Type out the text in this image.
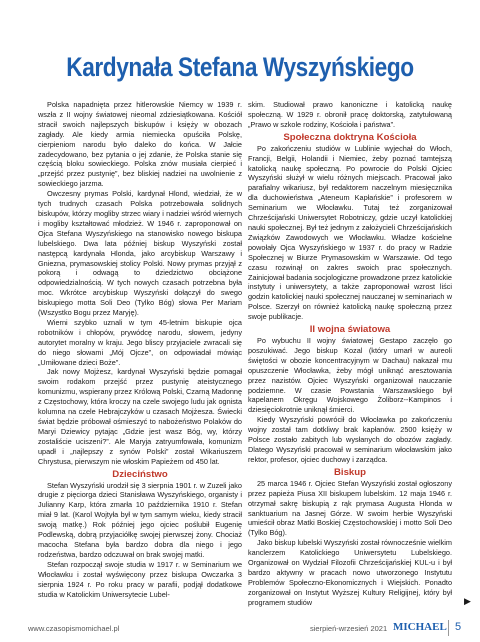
Kardynała Stefana Wyszyńskiego

Polska napadnięta przez hitlerowskie Niemcy w 1939 r. wszła z II wojny światowej nieomal zdziesiątkowana. Kościół stracił swoich najlepszych biskupów i księży w obozach zagłady. Ale kiedy armia niemiecka opuściła Polskę, cierpieniom narodu było daleko do końca. W Jałcie zadecydowano, bez pytania o jej zdanie, że Polska stanie się częścią bloku sowieckiego. Polska znów musiała cierpieć i „przejść przez pustynię”, bez bliskiej nadziei na uwolnienie z sowieckiego jarzma.

Owczesny prymas Polski, kardynał Hlond, wiedział, że w tych trudnych czasach Polska potrzebowała solidnych biskupów, którzy mogliby strzec wiary i nadziei wśród wiernych i mogliby kształtować młodzież. W 1946 r. zaproponował on Ojca Stefana Wyszyńskiego na stanowisko nowego biskupa lubelskiego. Dwa lata później biskup Wyszyński został następcą kardynała Hlonda, jako arcybiskup Warszawy i Gniezna, prymasowskiej stolicy Polski. Nowy prymas przyjął z pokorą i odwagą to dziedzictwo obciążone odpowiedzialnością. W tych nowych czasach potrzebna była moc. Wkrótce arcybiskup Wyszyński dołączył do swego biskupiego motta Soli Deo (Tylko Bóg) słowa Per Mariam (Wszystko Bogu przez Maryję).

Wierni szybko uznali w tym 45-letnim biskupie ojca robotników i chłopów, prywódcę narodu, słowem, jedyny autorytet moralny w kraju. Jego bliscy przyjaciele zwracali się do niego słowami „Mój Ojcze”, on odpowiadał mówiąc „Umiłowane dzieci Boże”.

Jak nowy Mojżesz, kardynał Wyszyński będzie pomagał swoim rodakom przejść przez pustynię ateistycznego komunizmu, wspierany przez Królową Polski, Czarną Madonnę z Częstochowy, która kroczy na czele swojego ludu jak ognista kolumna na czele Hebrajczyków u czasach Mojżesza. Świecki świat będzie próbował ośmieszyć to nabożeństwo Polaków do Maryi Dziewicy pytając „Gdzie jest wasz Bóg, wy, którzy zostaliście uciszeni?”. Ale Maryja zatryumfowała, komunizm upadł i „najlepszy z synów Polski” został Wikariuszem Chrystusa, pierwszym nie włoskim Papieżem od 450 lat.

Dzieciństwo

Stefan Wyszyński urodził się 3 sierpnia 1901 r. w Zuzeli jako drugie z pięciorga dzieci Stanisława Wyszyńskiego, organisty i Julianny Karp, która zmarła 10 października 1910 r. Stefan miał 9 lat. (Karol Wojtyła był w tym samym wieku, kiedy stracił swoją matkę.) Rok później jego ojciec poślubił Eugenię Podlewską, dobrą przyjaciółkę swojej pierwszej żony. Chociaż macocha Stefana była bardzo dobra dla niego i jego rodzeństwa, bardzo odczuwał on brak swojej matki.

Stefan rozpoczął swoje studia w 1917 r. w Seminarium we Włocławku i został wyświęcony przez biskupa Owczarka 3 sierpnia 1924 r. Po roku pracy w parafii, podjął dodatkowe studia w Katolickim Uniwersytecie Lubel-

skim. Studiował prawo kanoniczne i katolicką naukę społeczną. W 1929 r. obronił pracę doktorską, zatytułowaną „Prawo w szkole rodziny, Kościoła i państwa”.

Społeczna doktryna Kościoła

Po zakończeniu studiów w Lublinie wyjechał do Włoch, Francji, Belgii, Holandii i Niemiec, żeby poznać tamtejszą katolicką naukę społeczną. Po powrocie do Polski Ojciec Wyszyński służył w wielu różnych miejscach. Pracował jako parafialny wikariusz, był redaktorem naczelnym miesięcznika dla duchowieństwa „Ateneum Kapłańskie” i profesorem w Seminarium we Włocławku. Tutaj też zorganizował Chrześcijański Uniwersytet Robotniczy, gdzie uczył katolickiej nauki społecznej. Był też jednym z założycieli Chrześcijańskich Związków Zawodowych we Włocławku. Władze kościelne powołały Ojca Wyszyńskiego w 1937 r. do pracy w Radzie Społecznej w Biurze Prymasowskim w Warszawie. Od tego czasu rozwinął on zakres swoich prac społecznych. Zainicjował badania socjologiczne prowadzone przez katolickie instytuty i uniwersytety, a także zaproponował wzrost liści godzin katolickiej nauki społecznej nauczanej w seminariach w Polsce. Szerzył on również katolicką naukę społeczną przez swoje publikacje.

II wojna światowa

Po wybuchu II wojny światowej Gestapo zaczęło go poszukiwać. Jego biskup Kozal (który umarł w aureoli świętości w obozie koncentracyjnym w Dachau) nakazał mu opuszczenie Włocławka, żeby mógł uniknąć aresztowania przez nazistów. Ojciec Wyszyński organizował nauczanie podziemne. W czasie Powstania Warszawskiego był kapelanem Okręgu Wojskowego Żoliborz--Kampinos i dziesięciokrotnie uniknął śmierci.

Kiedy Wyszyński powrócił do Włocławka po zakończeniu wojny został tam dotkliwy brak kapłanów. 2500 księży w Polsce zostało zabitych lub wysłanych do obozów zagłady. Dlatego Wyszyński pracował w seminarium włocławskim jako rektor, profesor, ojciec duchowy i zarządca.

Biskup

25 marca 1946 r. Ojciec Stefan Wyszyński został ogłoszony przez papieża Piusa XII biskupem lubelskim. 12 maja 1946 r. otrzymał sakrę biskupią z rąk prymasa Augusta Hlonda w sanktuarium na Jasnej Górze. W swoim herbie Wyszyński umieścił obraz Matki Boskiej Częstochowskiej i motto Soli Deo (Tylko Bóg).

Jako biskup lubelski Wyszyński został równocześnie wielkim kanclerzem Katolickiego Uniwersytetu Lubelskiego. Organizował on Wydział Filozofii Chrześcijańskiej KUL-u i był bardzo aktywny w pracach nowo utworzonego Instytutu Problemów Społeczno-Ekonomicznych i Wiejskich. Ponadto zorganizował on Instytut Wyższej Kultury Religijnej, który był programem studiów	▶
www.czasopismomichael.pl	sierpień-wrzesień 2021 MICHAEL 5
